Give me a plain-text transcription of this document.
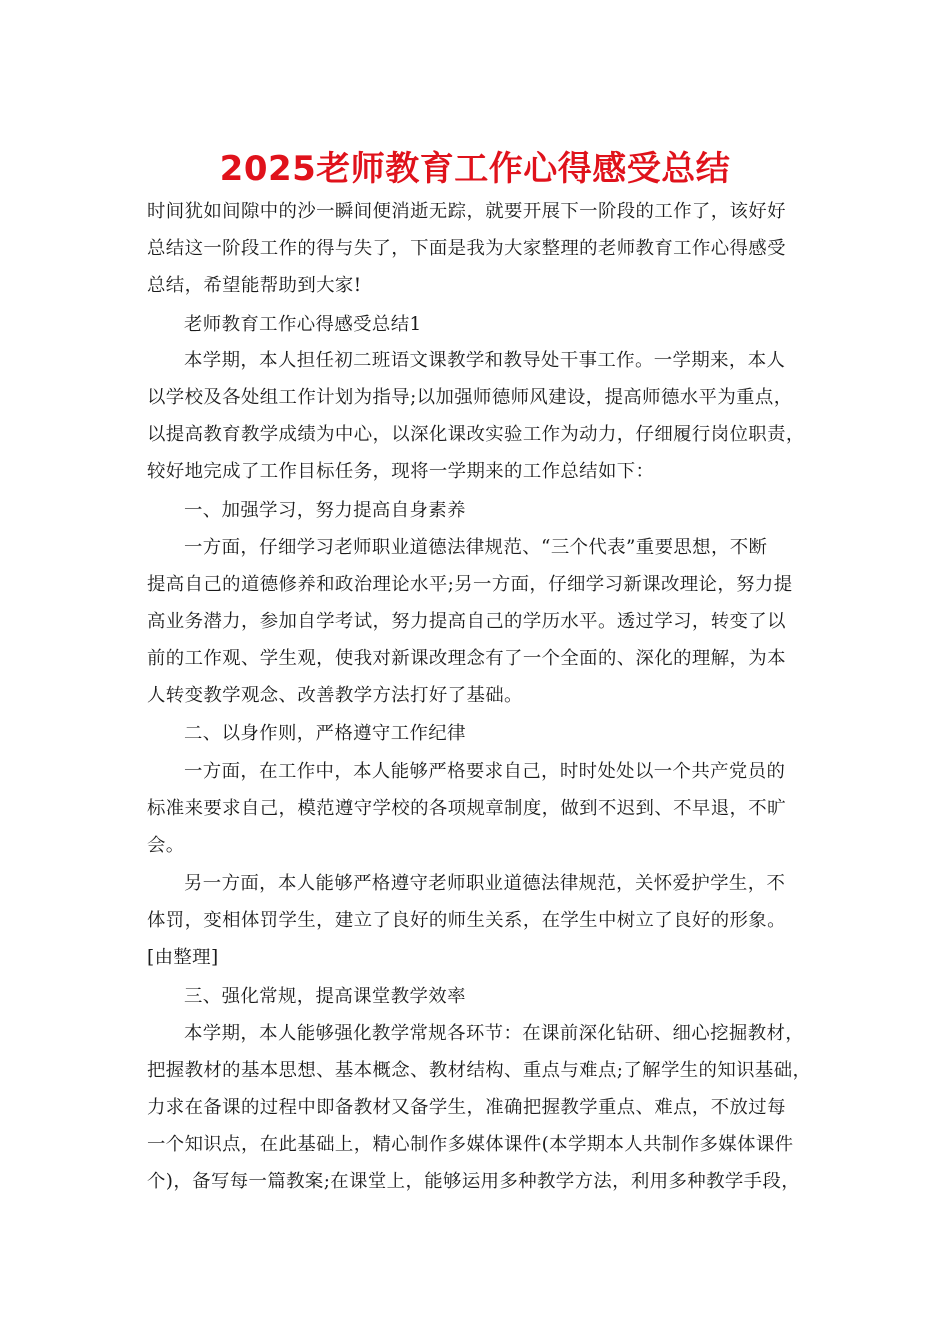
2025老师教育工作心得感受总结
时间犹如间隙中的沙一瞬间便消逝无踪，就要开展下一阶段的工作了，该好好
总结这一阶段工作的得与失了，下面是我为大家整理的老师教育工作心得感受
总结，希望能帮助到大家!
老师教育工作心得感受总结1
本学期，本人担任初二班语文课教学和教导处干事工作。一学期来，本人
以学校及各处组工作计划为指导;以加强师德师风建设，提高师德水平为重点，
以提高教育教学成绩为中心，以深化课改实验工作为动力，仔细履行岗位职责，
较好地完成了工作目标任务，现将一学期来的工作总结如下：
一、加强学习，努力提高自身素养
一方面，仔细学习老师职业道德法律规范、“三个代表”重要思想，不断
提高自己的道德修养和政治理论水平;另一方面，仔细学习新课改理论，努力提
高业务潜力，参加自学考试，努力提高自己的学历水平。透过学习，转变了以
前的工作观、学生观，使我对新课改理念有了一个全面的、深化的理解，为本
人转变教学观念、改善教学方法打好了基础。
二、以身作则，严格遵守工作纪律
一方面，在工作中，本人能够严格要求自己，时时处处以一个共产党员的
标准来要求自己，模范遵守学校的各项规章制度，做到不迟到、不早退，不旷
会。
另一方面，本人能够严格遵守老师职业道德法律规范，关怀爱护学生，不
体罚，变相体罚学生，建立了良好的师生关系，在学生中树立了良好的形象。
[由整理]
三、强化常规，提高课堂教学效率
本学期，本人能够强化教学常规各环节：在课前深化钻研、细心挖掘教材，
把握教材的基本思想、基本概念、教材结构、重点与难点;了解学生的知识基础，
力求在备课的过程中即备教材又备学生，准确把握教学重点、难点，不放过每
一个知识点，在此基础上，精心制作多媒体课件(本学期本人共制作多媒体课件
个)，备写每一篇教案;在课堂上，能够运用多种教学方法，利用多种教学手段，
